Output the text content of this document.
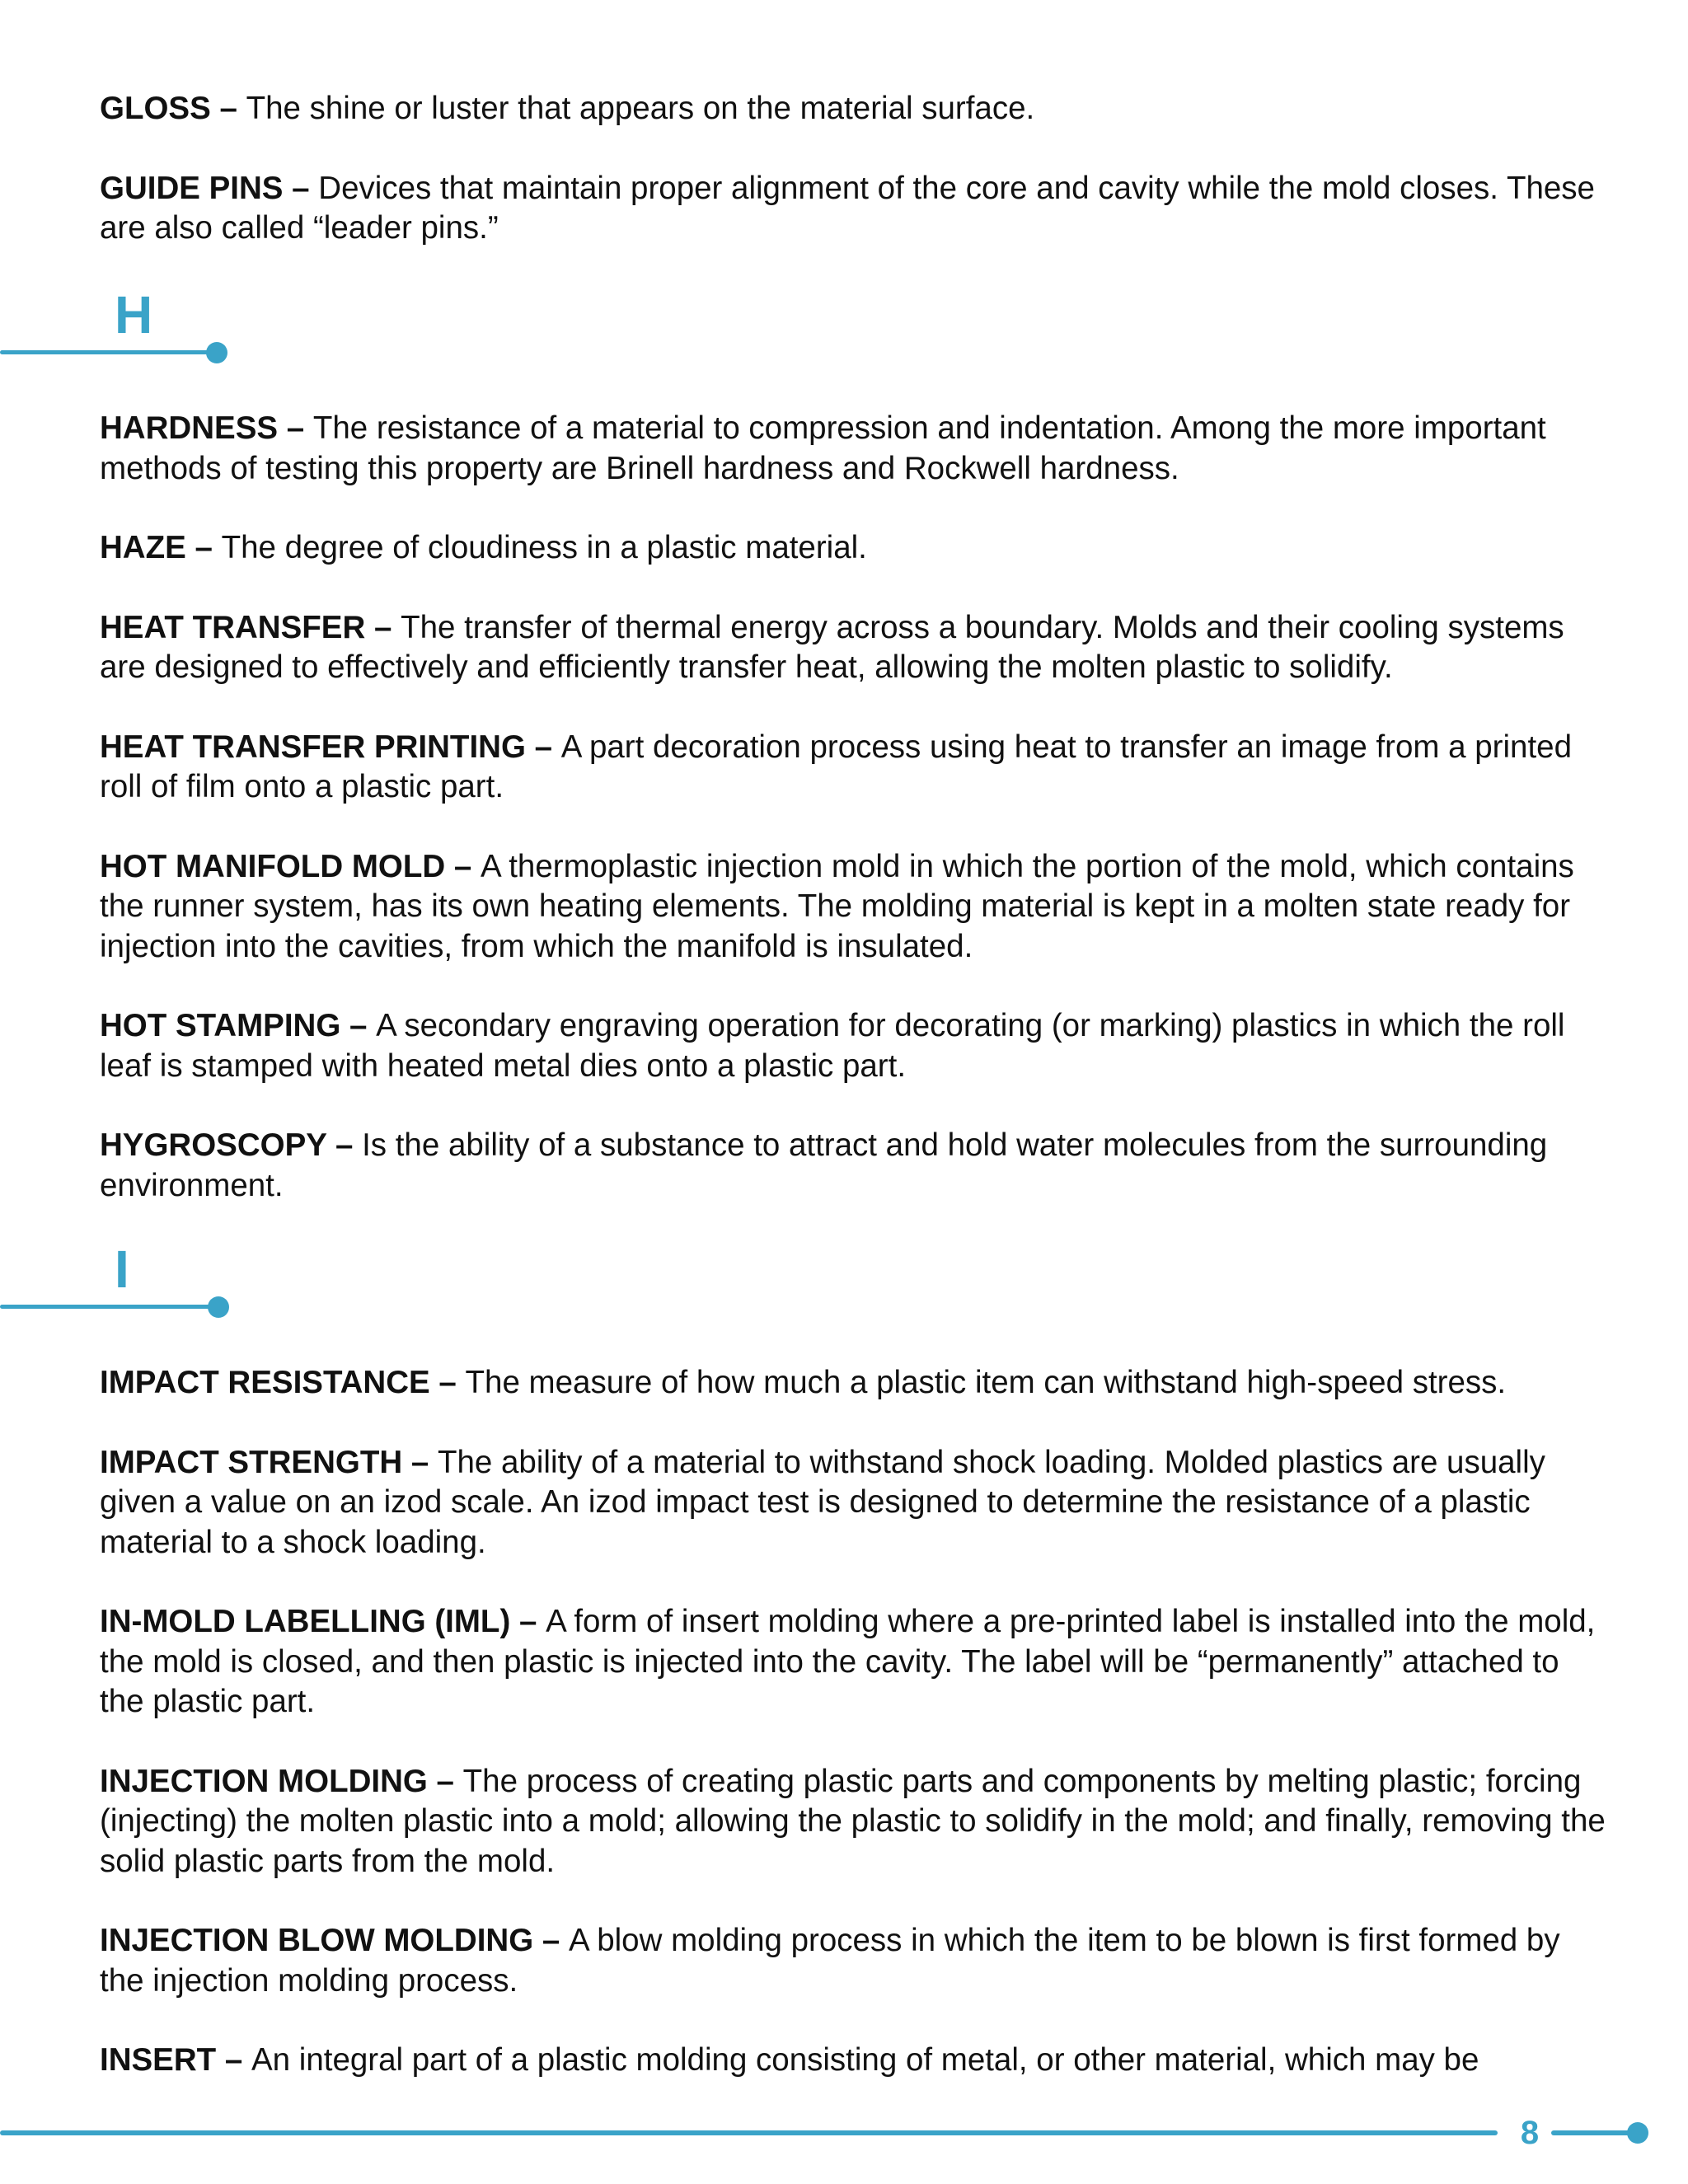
GLOSS – The shine or luster that appears on the material surface.

GUIDE PINS – Devices that maintain proper alignment of the core and cavity while the mold closes. These are also called “leader pins.”

H

HARDNESS – The resistance of a material to compression and indentation. Among the more important methods of testing this property are Brinell hardness and Rockwell hardness.

HAZE – The degree of cloudiness in a plastic material.

HEAT TRANSFER – The transfer of thermal energy across a boundary. Molds and their cooling systems are designed to effectively and efficiently transfer heat, allowing the molten plastic to solidify.

HEAT TRANSFER PRINTING – A part decoration process using heat to transfer an image from a printed roll of film onto a plastic part.

HOT MANIFOLD MOLD – A thermoplastic injection mold in which the portion of the mold, which contains the runner system, has its own heating elements. The molding material is kept in a molten state ready for injection into the cavities, from which the manifold is insulated.

HOT STAMPING – A secondary engraving operation for decorating (or marking) plastics in which the roll leaf is stamped with heated metal dies onto a plastic part.

HYGROSCOPY – Is the ability of a substance to attract and hold water molecules from the surrounding environment.

I

IMPACT RESISTANCE – The measure of how much a plastic item can withstand high-speed stress.

IMPACT STRENGTH – The ability of a material to withstand shock loading. Molded plastics are usually given a value on an izod scale. An izod impact test is designed to determine the resistance of a plastic material to a shock loading.

IN-MOLD LABELLING (IML) – A form of insert molding where a pre-printed label is installed into the mold, the mold is closed, and then plastic is injected into the cavity. The label will be “permanently” attached to the plastic part.

INJECTION MOLDING – The process of creating plastic parts and components by melting plastic; forcing (injecting) the molten plastic into a mold; allowing the plastic to solidify in the mold; and finally, removing the solid plastic parts from the mold.

INJECTION BLOW MOLDING – A blow molding process in which the item to be blown is first formed by the injection molding process.

INSERT – An integral part of a plastic molding consisting of metal, or other material, which may be

8
